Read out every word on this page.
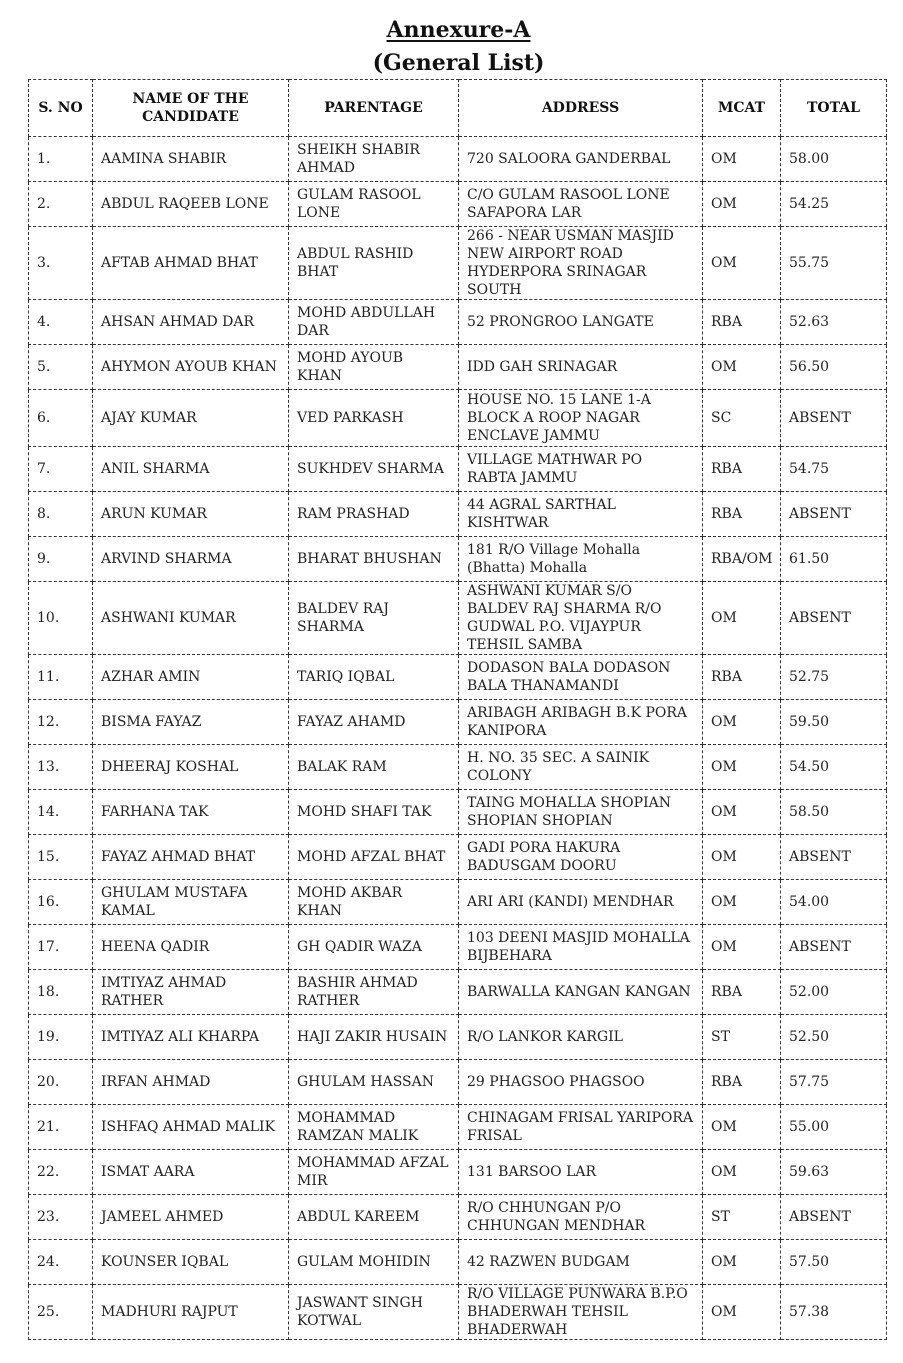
Annexure-A
(General List)
S. NO	NAME OF THE CANDIDATE	PARENTAGE	ADDRESS	MCAT	TOTAL
1.	AAMINA SHABIR	SHEIKH SHABIR AHMAD	720 SALOORA GANDERBAL	OM	58.00
2.	ABDUL RAQEEB LONE	GULAM RASOOL LONE	C/O GULAM RASOOL LONE SAFAPORA LAR	OM	54.25
3.	AFTAB AHMAD BHAT	ABDUL RASHID BHAT	266 - NEAR USMAN MASJID NEW AIRPORT ROAD HYDERPORA SRINAGAR SOUTH	OM	55.75
4.	AHSAN AHMAD DAR	MOHD ABDULLAH DAR	52 PRONGROO LANGATE	RBA	52.63
5.	AHYMON AYOUB KHAN	MOHD AYOUB KHAN	IDD GAH SRINAGAR	OM	56.50
6.	AJAY KUMAR	VED PARKASH	HOUSE NO. 15 LANE 1-A BLOCK A ROOP NAGAR ENCLAVE JAMMU	SC	ABSENT
7.	ANIL SHARMA	SUKHDEV SHARMA	VILLAGE MATHWAR PO RABTA JAMMU	RBA	54.75
8.	ARUN KUMAR	RAM PRASHAD	44 AGRAL SARTHAL KISHTWAR	RBA	ABSENT
9.	ARVIND SHARMA	BHARAT BHUSHAN	181 R/O Village Mohalla (Bhatta) Mohalla	RBA/OM	61.50
10.	ASHWANI KUMAR	BALDEV RAJ SHARMA	ASHWANI KUMAR S/O BALDEV RAJ SHARMA R/O GUDWAL P.O. VIJAYPUR TEHSIL SAMBA	OM	ABSENT
11.	AZHAR AMIN	TARIQ IQBAL	DODASON BALA DODASON BALA THANAMANDI	RBA	52.75
12.	BISMA FAYAZ	FAYAZ AHAMD	ARIBAGH ARIBAGH B.K PORA KANIPORA	OM	59.50
13.	DHEERAJ KOSHAL	BALAK RAM	H. NO. 35 SEC. A SAINIK COLONY	OM	54.50
14.	FARHANA TAK	MOHD SHAFI TAK	TAING MOHALLA SHOPIAN SHOPIAN SHOPIAN	OM	58.50
15.	FAYAZ AHMAD BHAT	MOHD AFZAL BHAT	GADI PORA HAKURA BADUSGAM DOORU	OM	ABSENT
16.	GHULAM MUSTAFA KAMAL	MOHD AKBAR KHAN	ARI ARI (KANDI) MENDHAR	OM	54.00
17.	HEENA QADIR	GH QADIR WAZA	103 DEENI MASJID MOHALLA BIJBEHARA	OM	ABSENT
18.	IMTIYAZ AHMAD RATHER	BASHIR AHMAD RATHER	BARWALLA KANGAN KANGAN	RBA	52.00
19.	IMTIYAZ ALI KHARPA	HAJI ZAKIR HUSAIN	R/O LANKOR KARGIL	ST	52.50
20.	IRFAN AHMAD	GHULAM HASSAN	29 PHAGSOO PHAGSOO	RBA	57.75
21.	ISHFAQ AHMAD MALIK	MOHAMMAD RAMZAN MALIK	CHINAGAM FRISAL YARIPORA FRISAL	OM	55.00
22.	ISMAT AARA	MOHAMMAD AFZAL MIR	131 BARSOO LAR	OM	59.63
23.	JAMEEL AHMED	ABDUL KAREEM	R/O CHHUNGAN P/O CHHUNGAN MENDHAR	ST	ABSENT
24.	KOUNSER IQBAL	GULAM MOHIDIN	42 RAZWEN BUDGAM	OM	57.50
25.	MADHURI RAJPUT	JASWANT SINGH KOTWAL	R/O VILLAGE PUNWARA B.P.O BHADERWAH TEHSIL BHADERWAH	OM	57.38
